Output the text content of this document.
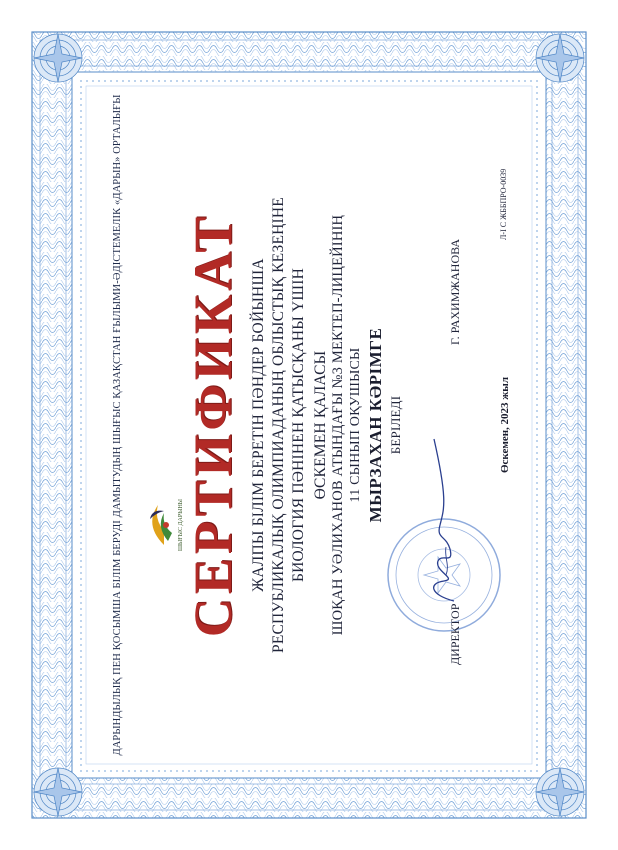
ДАРЫНДЫЛЫҚ ПЕН ҚОСЫМША БІЛІМ БЕРУДІ ДАМЫТУДЫҢ ШЫҒЫС ҚАЗАҚСТАН ҒЫЛЫМИ-ӘДІСТЕМЕЛІК «ДАРЫН» ОРТАЛЫҒЫ	ШЫҒЫС ДАРЫНЫ СЕРТИФИКАТ ЖАЛПЫ БІЛІМ БЕРЕТІН ПӘНДЕР БОЙЫНША РЕСПУБЛИКАЛЫҚ ОЛИМПИАДАНЫҢ ОБЛЫСТЫҚ КЕЗЕҢІНЕ БИОЛОГИЯ ПӘНІНЕН ҚАТЫСҚАНЫ ҮШІН ӨСКЕМЕН ҚАЛАСЫ ШОҚАН УӘЛИХАНОВ АТЫНДАҒЫ №3 МЕКТЕП-ЛИЦЕЙІНІҢ 11 СЫНЫП ОҚУШЫСЫ МЫРЗАХАН КӘРІМГЕ БЕРІЛЕДІ
ДИРЕКТОР
Г. РАХИМЖАНОВА
Өскемен, 2023 жыл
Л-I С ЖББПРО-0039
